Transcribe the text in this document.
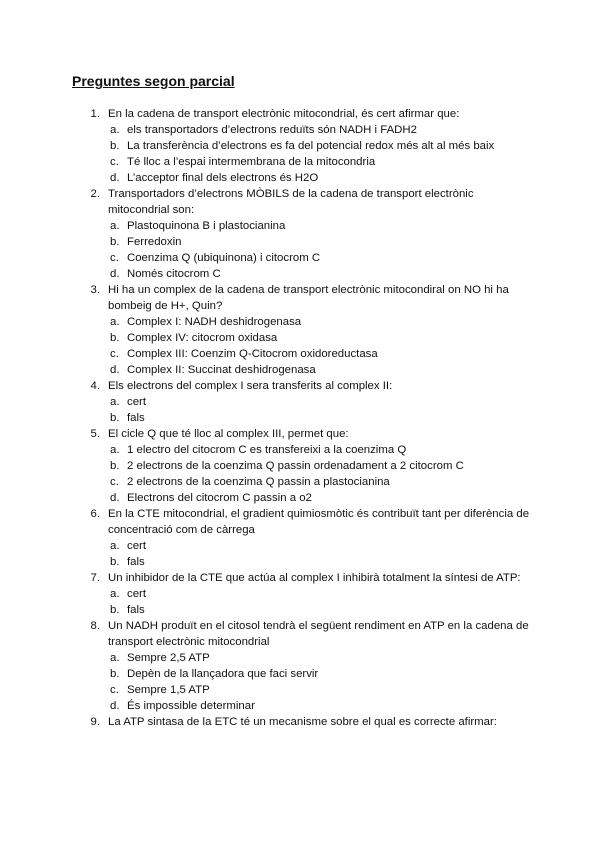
Preguntes segon parcial
1. En la cadena de transport electrònic mitocondrial, és cert afirmar que:
a. els transportadors d’electrons reduïts són NADH i FADH2
b. La transferència d’electrons es fa del potencial redox més alt al més baix
c. Té lloc a l’espai intermembrana de la mitocondria
d. L’acceptor final dels electrons és H2O
2. Transportadors d’electrons MÒBILS de la cadena de transport electrònic mitocondrial son:
a. Plastoquinona B i plastocianina
b. Ferredoxin
c. Coenzima Q (ubiquinona) i citocrom C
d. Només citocrom C
3. Hi ha un complex de la cadena de transport electrònic mitocondiral on NO hi ha bombeig de H+, Quin?
a. Complex I: NADH deshidrogenasa
b. Complex IV: citocrom oxidasa
c. Complex III: Coenzim Q-Citocrom oxidoreductasa
d. Complex II: Succinat deshidrogenasa
4. Els electrons del complex I sera transferits al complex II:
a. cert
b. fals
5. El cicle Q que té lloc al complex III, permet que:
a. 1 electro del citocrom C es transfereixi a la coenzima Q
b. 2 electrons de la coenzima Q passin ordenadament a 2 citocrom C
c. 2 electrons de la coenzima Q passin a plastocianina
d. Electrons del citocrom C passin a o2
6. En la CTE mitocondrial, el gradient quimiosmòtic és contribuït tant per diferència de concentració com de càrrega
a. cert
b. fals
7. Un inhibidor de la CTE que actúa al complex I inhibirà totalment la síntesi de ATP:
a. cert
b. fals
8. Un NADH produït en el citosol tendrà el següent rendiment en ATP en la cadena de transport electrònic mitocondrial
a. Sempre 2,5 ATP
b. Depèn de la llançadora que faci servir
c. Sempre 1,5 ATP
d. És impossible determinar
9. La ATP sintasa de la ETC té un mecanisme sobre el qual es correcte afirmar:
